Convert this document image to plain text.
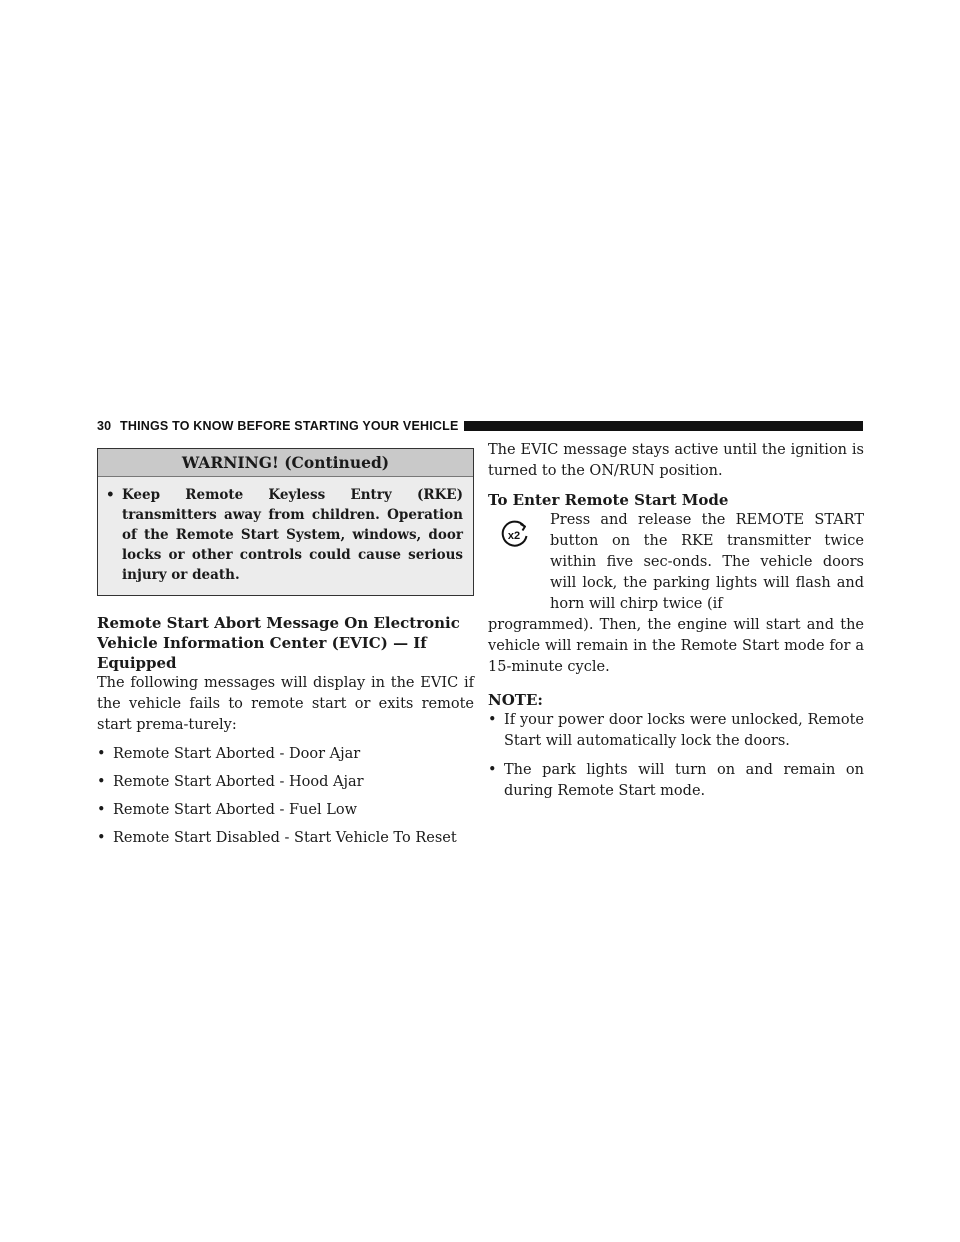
30 THINGS TO KNOW BEFORE STARTING YOUR VEHICLE
WARNING! (Continued)
• Keep Remote Keyless Entry (RKE) transmitters away from children. Operation of the Remote Start System, windows, door locks or other controls could cause serious injury or death.
Remote Start Abort Message On Electronic Vehicle Information Center (EVIC) — If Equipped

The following messages will display in the EVIC if the vehicle fails to remote start or exits remote start prema-turely:

• Remote Start Aborted - Door Ajar
• Remote Start Aborted - Hood Ajar
• Remote Start Aborted - Fuel Low
• Remote Start Disabled - Start Vehicle To Reset

The EVIC message stays active until the ignition is turned to the ON/RUN position.

To Enter Remote Start Mode
x2
Press and release the REMOTE START button on the RKE transmitter twice within five sec-onds. The vehicle doors will lock, the parking lights will flash and horn will chirp twice (if

programmed). Then, the engine will start and the vehicle will remain in the Remote Start mode for a 15-minute cycle.

NOTE:
• If your power door locks were unlocked, Remote Start will automatically lock the doors.
• The park lights will turn on and remain on during Remote Start mode.
